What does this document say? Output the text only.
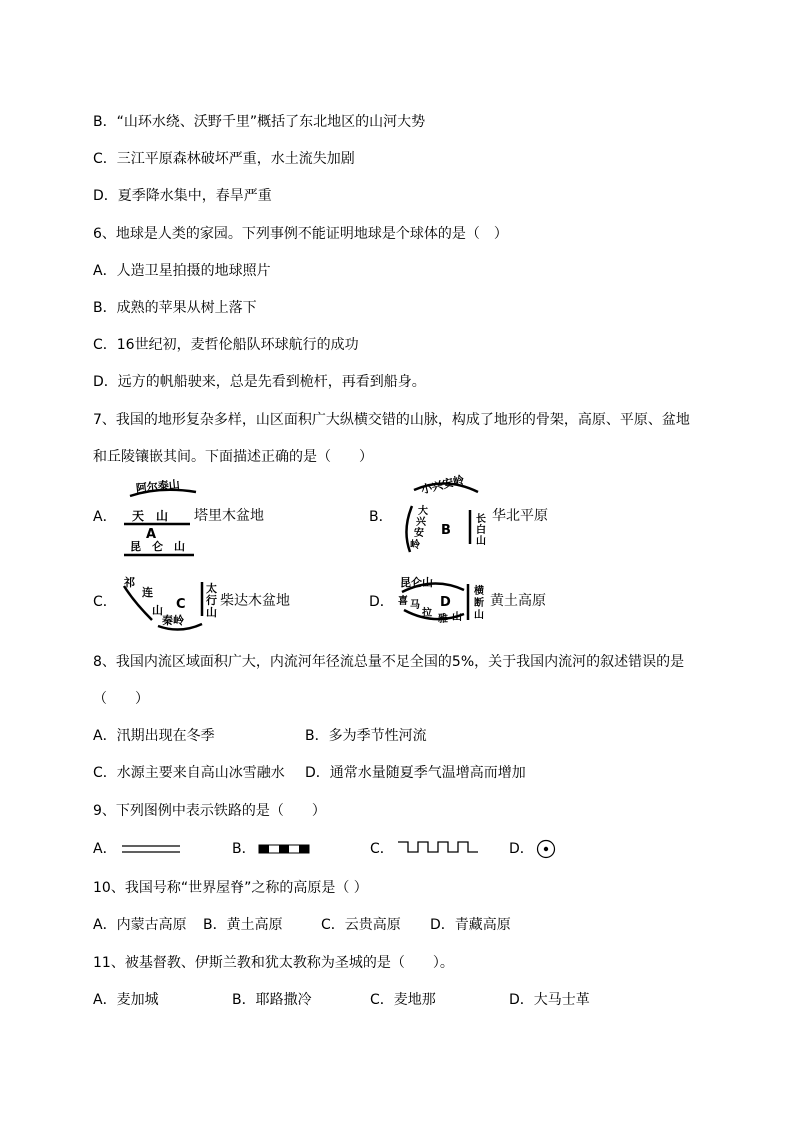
B．“山环水绕、沃野千里”概括了东北地区的山河大势
C．三江平原森林破坏严重，水土流失加剧
D．夏季降水集中，春旱严重
6、地球是人类的家园。下列事例不能证明地球是个球体的是（　）
A．人造卫星拍摄的地球照片
B．成熟的苹果从树上落下
C．16世纪初，麦哲伦船队环球航行的成功
D．远方的帆船驶来，总是先看到桅杆，再看到船身。
7、我国的地形复杂多样，山区面积广大纵横交错的山脉，构成了地形的骨架，高原、平原、盆地
和丘陵镶嵌其间。下面描述正确的是（　　）
A．
阿尔泰山
天　山
A
昆　仑　山
塔里木盆地	B．
小兴安岭
大
兴
安
岭
B
长
白
山
华北平原
C．
祁
连
山 C
秦岭
太
行
山
柴达木盆地	D．
昆仑山
D
喜 马
拉
雅 山
横
断
山
黄土高原
8、我国内流区域面积广大，内流河年径流总量不足全国的5%，关于我国内流河的叙述错误的是
（　　）
A．汛期出现在冬季	B．多为季节性河流
C．水源主要来自高山冰雪融水 D．通常水量随夏季气温增高而增加
9、下列图例中表示铁路的是（　　）
A．	B．	C．	D．
10、我国号称“世界屋脊”之称的高原是（ ）
A．内蒙古高原 B．黄土高原	C．云贵高原 D．青藏高原
11、被基督教、伊斯兰教和犹太教称为圣城的是（　　）。
A．麦加城	B．耶路撒冷	C．麦地那	D．大马士革
